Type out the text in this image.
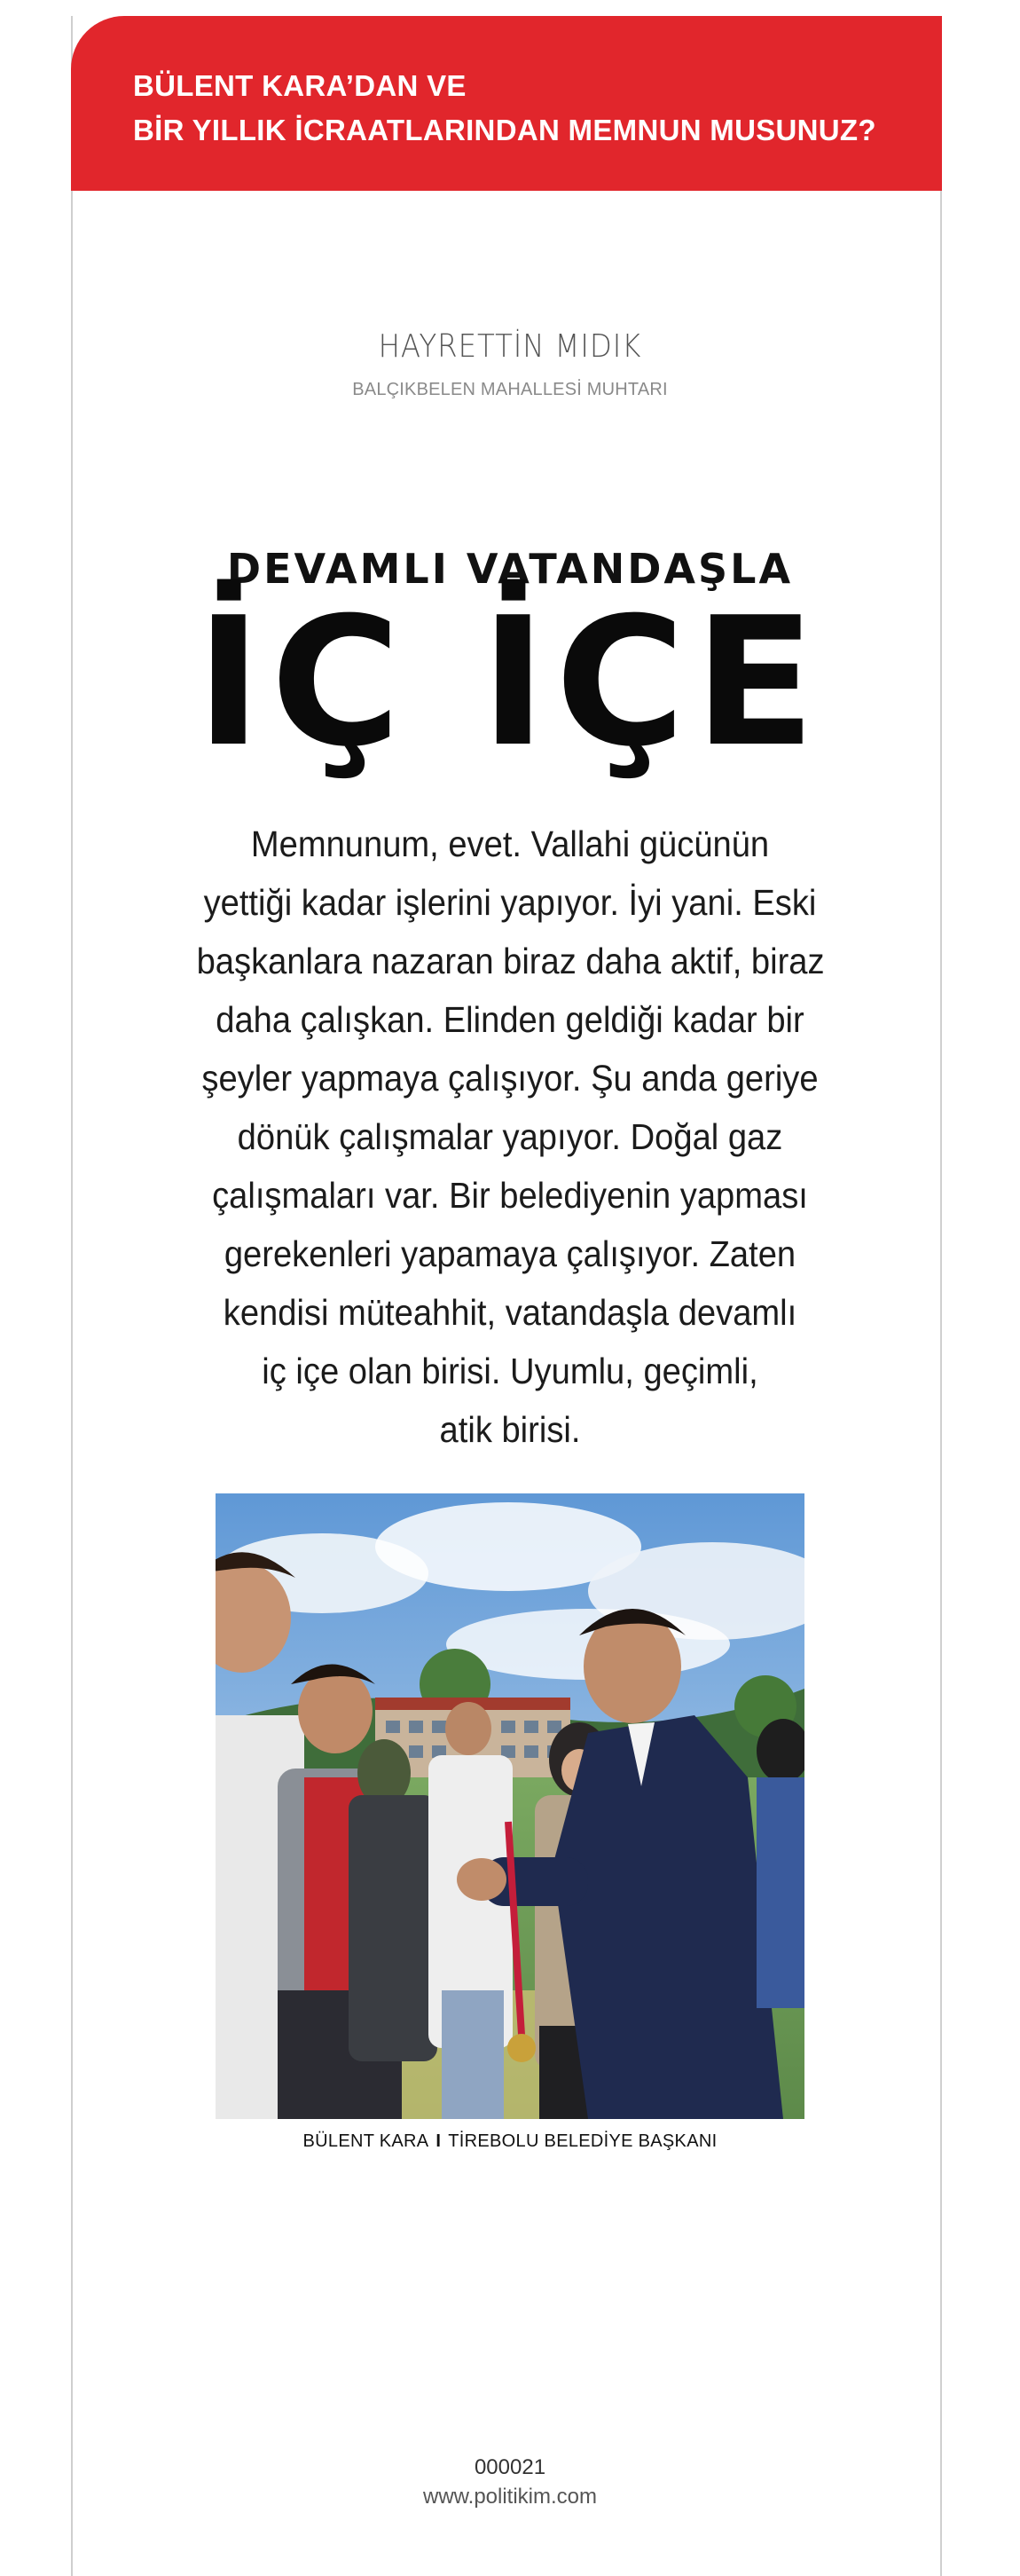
BÜLENT KARA’DAN VE
BİR YILLIK İCRAATLARINDAN MEMNUN MUSUNUZ?
HAYRETTİN MIDIK
BALÇIKBELEN MAHALLESİ MUHTARI
DEVAMLI VATANDAŞLA
İÇ İÇE
Memnunum, evet. Vallahi gücünün
yettiği kadar işlerini yapıyor. İyi yani. Eski
başkanlara nazaran biraz daha aktif, biraz
daha çalışkan. Elinden geldiği kadar bir
şeyler yapmaya çalışıyor. Şu anda geriye
dönük çalışmalar yapıyor. Doğal gaz
çalışmaları var. Bir belediyenin yapması
gerekenleri yapamaya çalışıyor. Zaten
kendisi müteahhit, vatandaşla devamlı
iç içe olan birisi. Uyumlu, geçimli,
atik birisi.
BÜLENT KARA I TİREBOLU BELEDİYE BAŞKANI
000021
www.politikim.com
